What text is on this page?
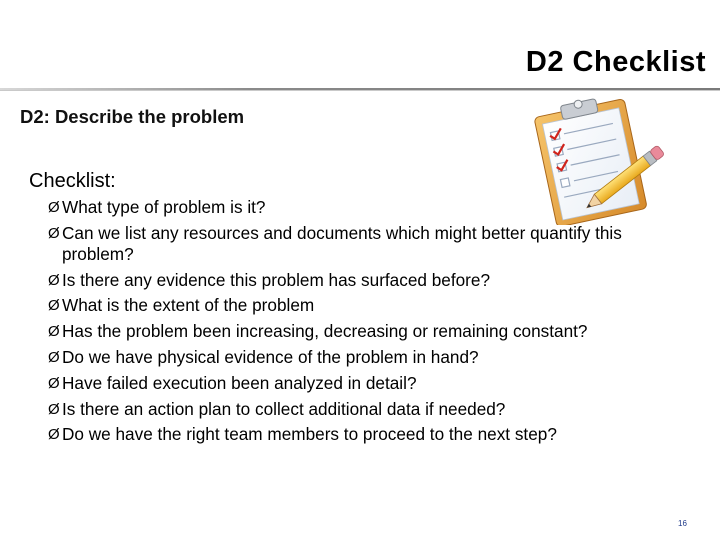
D2 Checklist
D2: Describe the problem
Checklist:
Ø What type of problem is it?
Ø Can we list any resources and documents which might better quantify this problem?
Ø Is there any evidence this problem has surfaced before?
Ø What is the extent of the problem
Ø Has the problem been increasing, decreasing or remaining constant?
Ø Do we have physical evidence of the problem in hand?
Ø Have failed execution been analyzed in detail?
Ø Is there an action plan to collect additional data if needed?
Ø Do we have the right team members to proceed to the next step?
16
